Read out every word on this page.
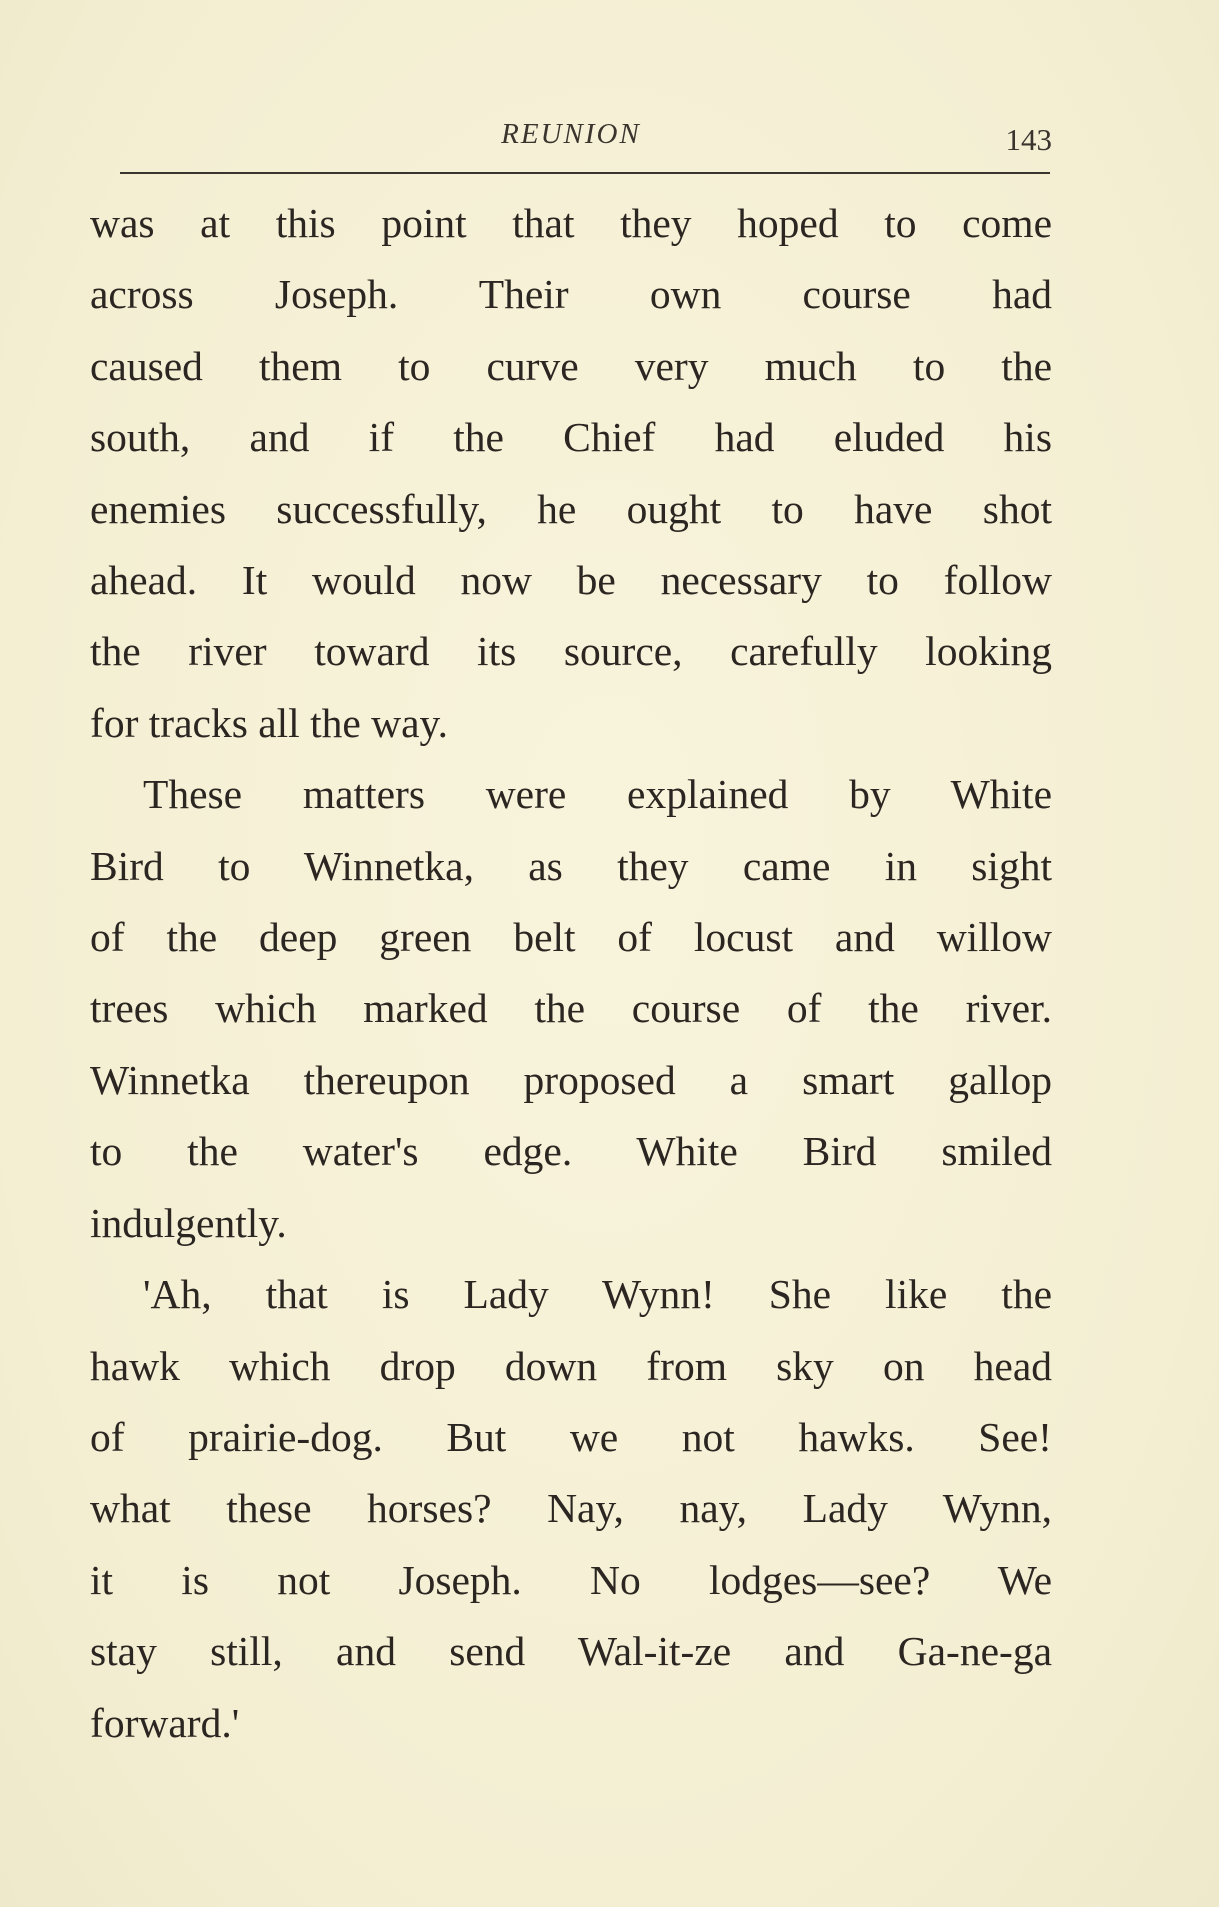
REUNION	143

was at this point that they hoped to come
across Joseph. Their own course had
caused them to curve very much to the
south, and if the Chief had eluded his
enemies successfully, he ought to have shot
ahead. It would now be necessary to follow
the river toward its source, carefully looking
for tracks all the way.

These matters were explained by White
Bird to Winnetka, as they came in sight
of the deep green belt of locust and willow
trees which marked the course of the river.
Winnetka thereupon proposed a smart gallop
to the water's edge. White Bird smiled
indulgently.

'Ah, that is Lady Wynn! She like the
hawk which drop down from sky on head
of prairie-dog. But we not hawks. See!
what these horses? Nay, nay, Lady Wynn,
it is not Joseph. No lodges—see? We
stay still, and send Wal-it-ze and Ga-ne-ga
forward.'
